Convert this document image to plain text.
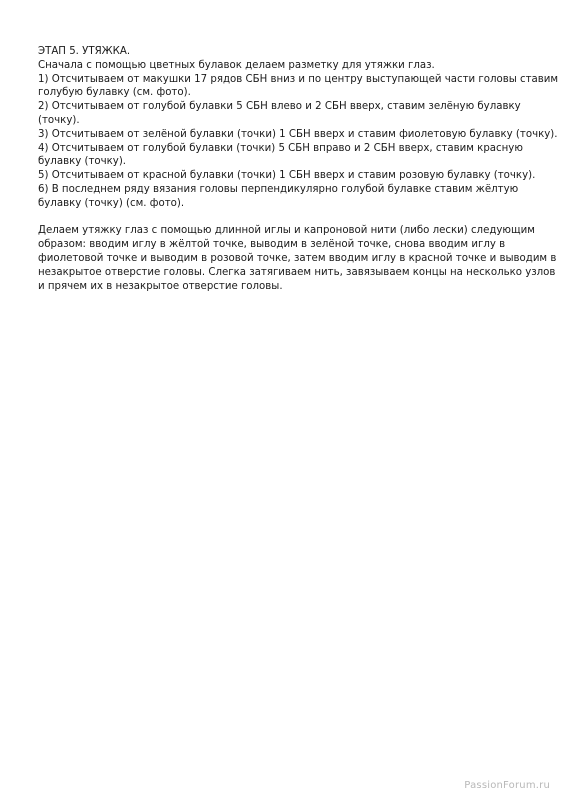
ЭТАП 5. УТЯЖКА.

Сначала с помощью цветных булавок делаем разметку для утяжки глаз.

1) Отсчитываем от макушки 17 рядов СБН вниз и по центру выступающей части головы ставим

голубую булавку (см. фото).

2) Отсчитываем от голубой булавки 5 СБН влево и 2 СБН вверх, ставим зелёную булавку

(точку).

3) Отсчитываем от зелёной булавки (точки) 1 СБН вверх и ставим фиолетовую булавку (точку).

4) Отсчитываем от голубой булавки (точки) 5 СБН вправо и 2 СБН вверх, ставим красную

булавку (точку).

5) Отсчитываем от красной булавки (точки) 1 СБН вверх и ставим розовую булавку (точку).

6) В последнем ряду вязания головы перпендикулярно голубой булавке ставим жёлтую

булавку (точку) (см. фото).

Делаем утяжку глаз с помощью длинной иглы и капроновой нити (либо лески) следующим

образом: вводим иглу в жёлтой точке, выводим в зелёной точке, снова вводим иглу в

фиолетовой точке и выводим в розовой точке, затем вводим иглу в красной точке и выводим в

незакрытое отверстие головы. Слегка затягиваем нить, завязываем концы на несколько узлов

и прячем их в незакрытое отверстие головы.

PassionForum.ru
